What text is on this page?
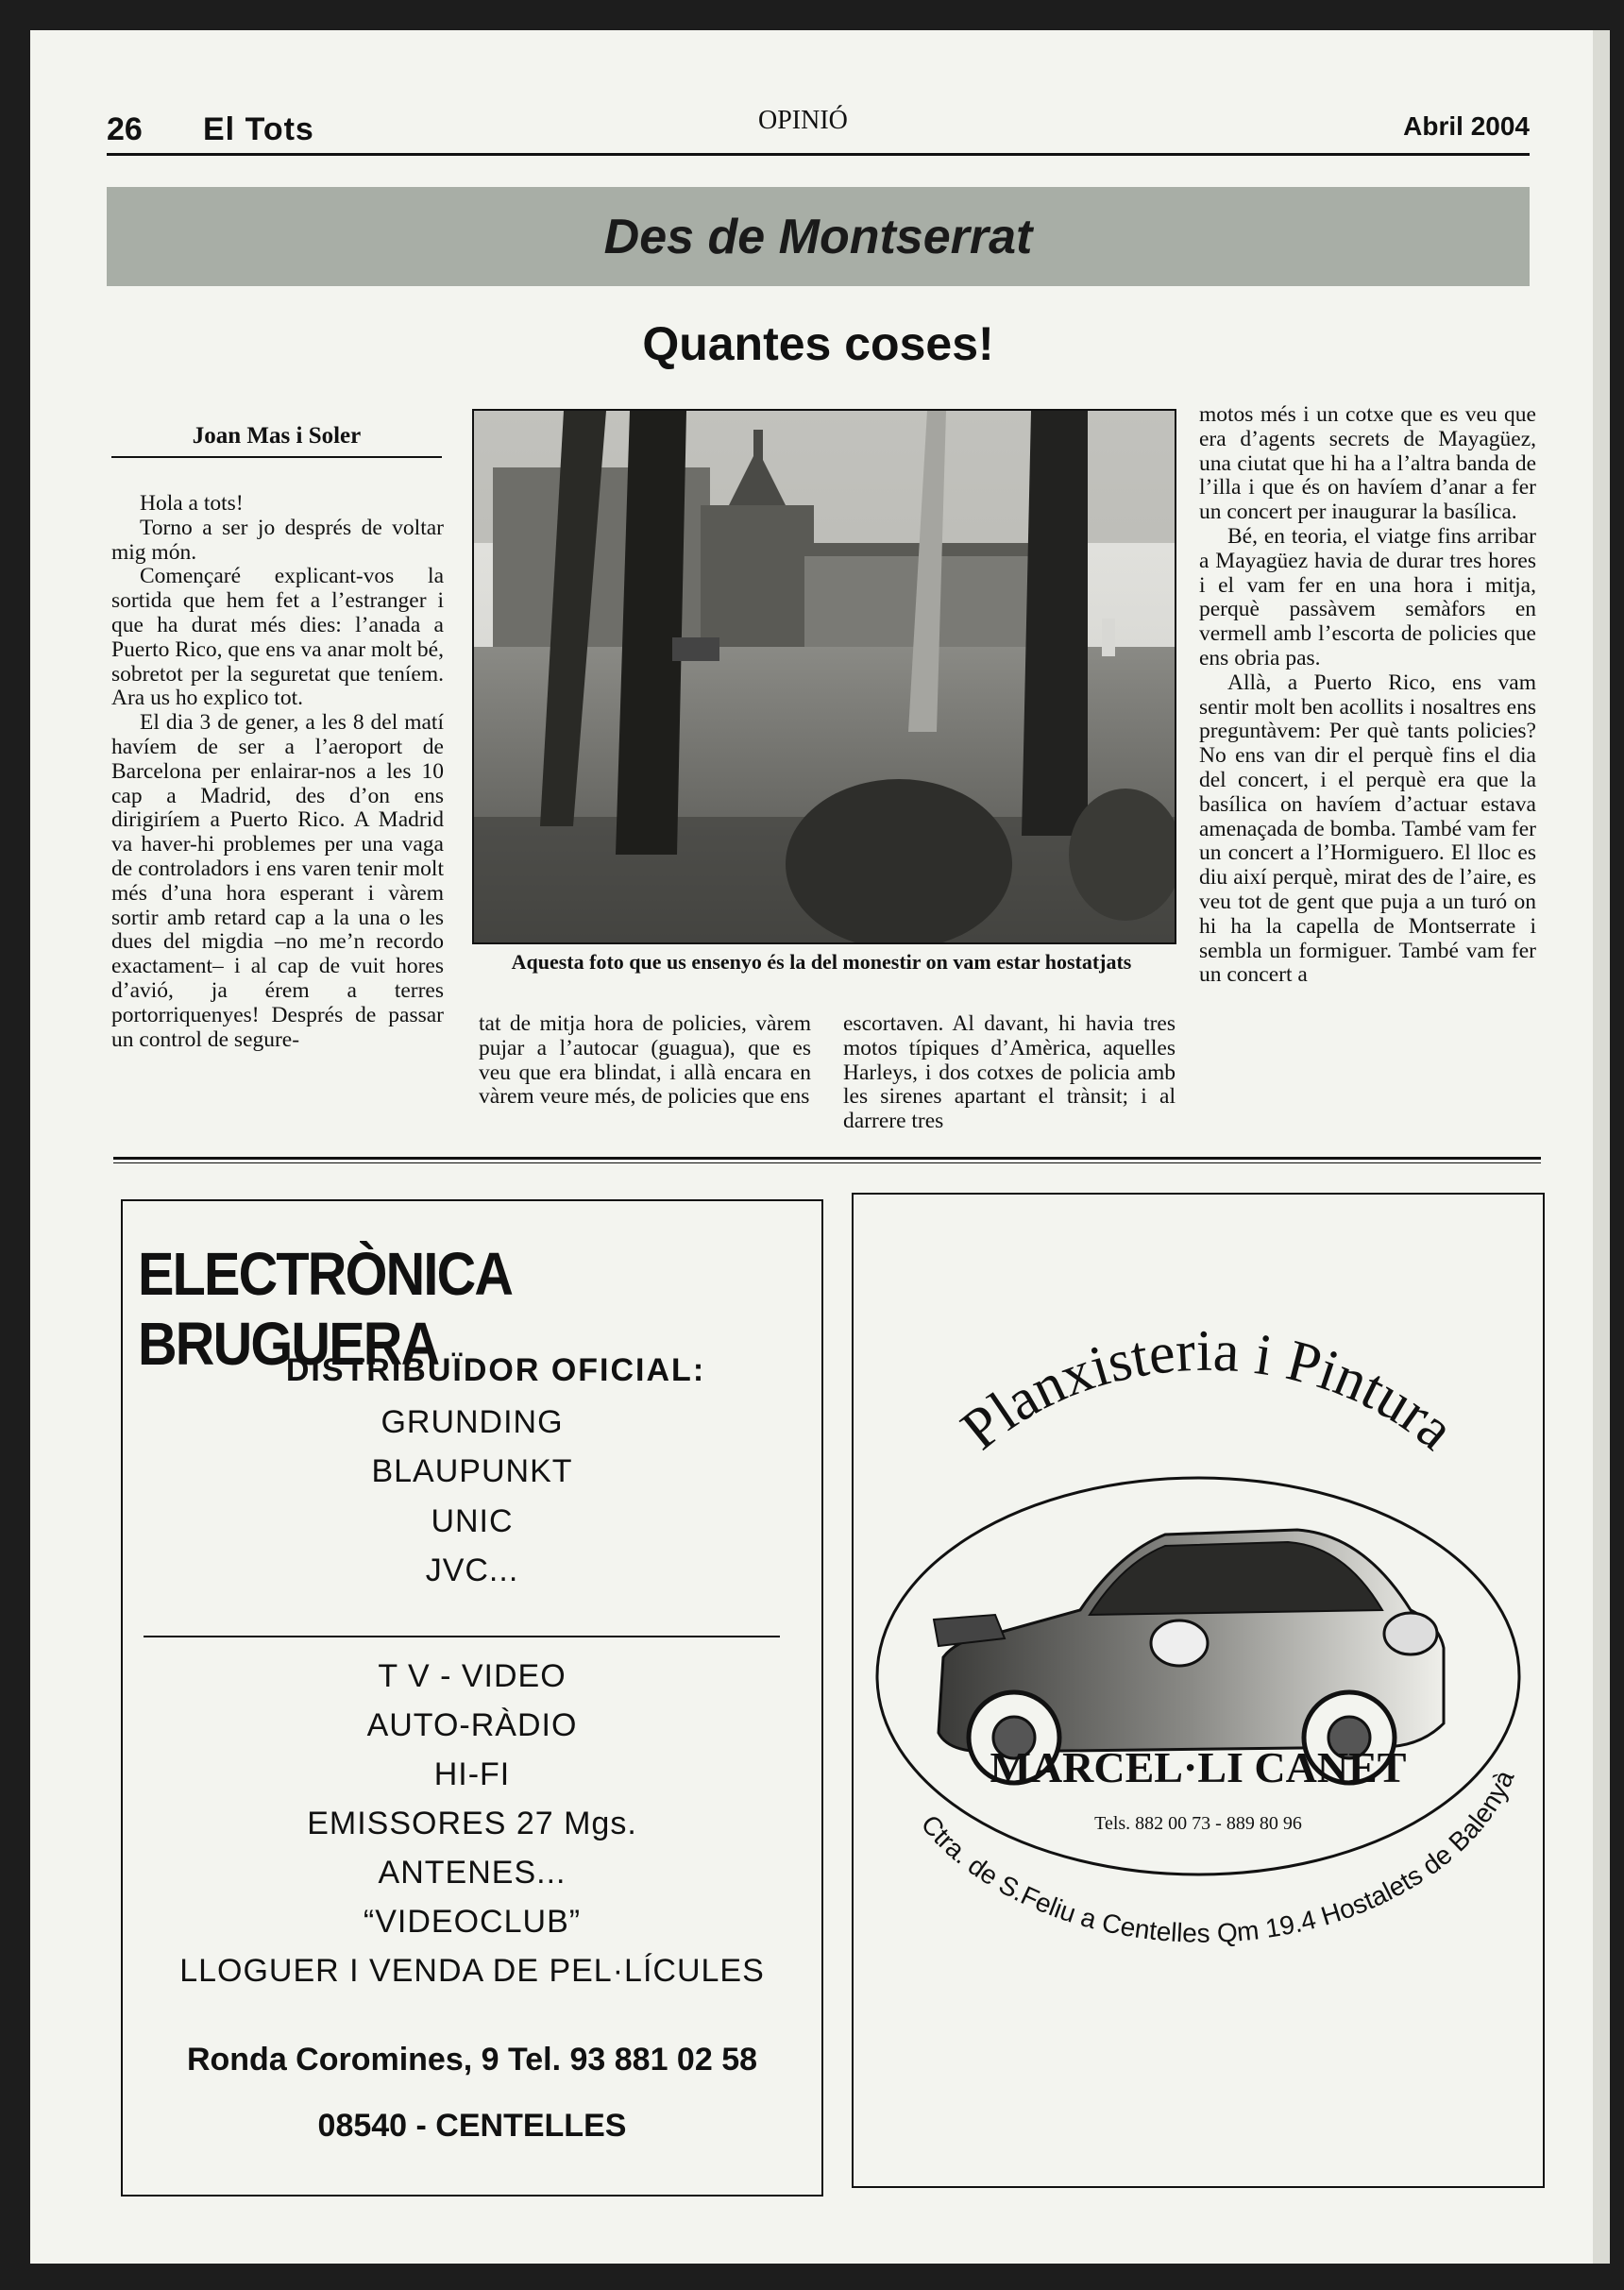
26 El Tots	OPINIÓ	Abril 2004
Des de Montserrat
Quantes coses!
Joan Mas i Soler

Hola a tots!

Torno a ser jo després de voltar mig món.

Començaré explicant-vos la sortida que hem fet a l’estranger i que ha durat més dies: l’anada a Puerto Rico, que ens va anar molt bé, sobretot per la seguretat que teníem. Ara us ho explico tot.

El dia 3 de gener, a les 8 del matí havíem de ser a l’aeroport de Barcelona per enlairar-nos a les 10 cap a Madrid, des d’on ens dirigiríem a Puerto Rico. A Madrid va haver-hi problemes per una vaga de controladors i ens varen tenir molt més d’una hora esperant i vàrem sortir amb retard cap a la una o les dues del migdia –no me’n recordo exactament– i al cap de vuit hores d’avió, ja érem a terres portorriquenyes! Després de passar un control de segure-

Aquesta foto que us ensenyo és la del monestir on vam estar hostatjats

tat de mitja hora de policies, vàrem pujar a l’autocar (guagua), que es veu que era blindat, i allà encara en vàrem veure més, de policies que ens

escortaven. Al davant, hi havia tres motos típiques d’Amèrica, aquelles Harleys, i dos cotxes de policia amb les sirenes apartant el trànsit; i al darrere tres

motos més i un cotxe que es veu que era d’agents secrets de Mayagüez, una ciutat que hi ha a l’altra banda de l’illa i que és on havíem d’anar a fer un concert per inaugurar la basílica.

Bé, en teoria, el viatge fins arribar a Mayagüez havia de durar tres hores i el vam fer en una hora i mitja, perquè passàvem semàfors en vermell amb l’escorta de policies que ens obria pas.

Allà, a Puerto Rico, ens vam sentir molt ben acollits i nosaltres ens preguntàvem: Per què tants policies? No ens van dir el perquè fins el dia del concert, i el perquè era que la basílica on havíem d’actuar estava amenaçada de bomba. També vam fer un concert a l’Hormiguero. El lloc es diu així perquè, mirat des de l’aire, es veu tot de gent que puja a un turó on hi ha la capella de Montserrate i sembla un formiguer. També vam fer un concert a

ELECTRÒNICA BRUGUERA
DISTRIBUÏDOR OFICIAL:
GRUNDING
BLAUPUNKT
UNIC
JVC...
T V - VIDEO
AUTO-RÀDIO
HI-FI
EMISSORES 27 Mgs.
ANTENES...
“VIDEOCLUB”
LLOGUER I VENDA DE PEL·LÍCULES
Ronda Coromines, 9 Tel. 93 881 02 58
08540 - CENTELLES
Planxisteria i Pintura
MARCEL·LI CANET
Tels. 882 00 73 - 889 80 96
Ctra. de S.Feliu a Centelles Qm 19.4 Hostalets de Balenyà
